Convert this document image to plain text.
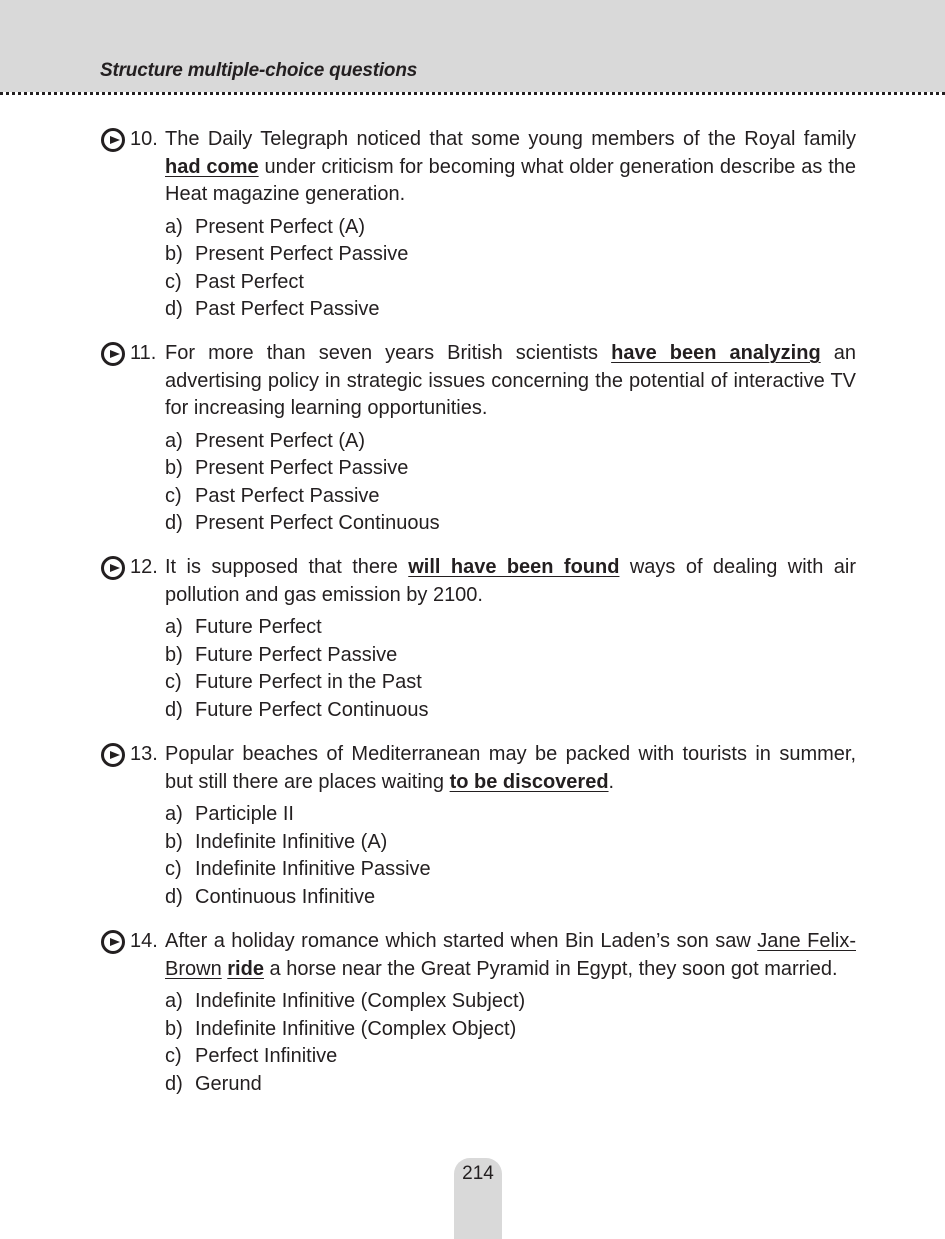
Structure multiple-choice questions
10. The Daily Telegraph noticed that some young members of the Royal family had come under criticism for becoming what older generation describe as the Heat magazine generation.
a) Present Perfect (A)
b) Present Perfect Passive
c) Past Perfect
d) Past Perfect Passive
11. For more than seven years British scientists have been analyzing an advertising policy in strategic issues concerning the potential of interactive TV for increasing learning opportunities.
a) Present Perfect (A)
b) Present Perfect Passive
c) Past Perfect Passive
d) Present Perfect Continuous
12. It is supposed that there will have been found ways of dealing with air pollution and gas emission by 2100.
a) Future Perfect
b) Future Perfect Passive
c) Future Perfect in the Past
d) Future Perfect Continuous
13. Popular beaches of Mediterranean may be packed with tourists in summer, but still there are places waiting to be discovered.
a) Participle II
b) Indefinite Infinitive (A)
c) Indefinite Infinitive Passive
d) Continuous Infinitive
14. After a holiday romance which started when Bin Laden’s son saw Jane Felix-Brown ride a horse near the Great Pyramid in Egypt, they soon got married.
a) Indefinite Infinitive (Complex Subject)
b) Indefinite Infinitive (Complex Object)
c) Perfect Infinitive
d) Gerund
214
